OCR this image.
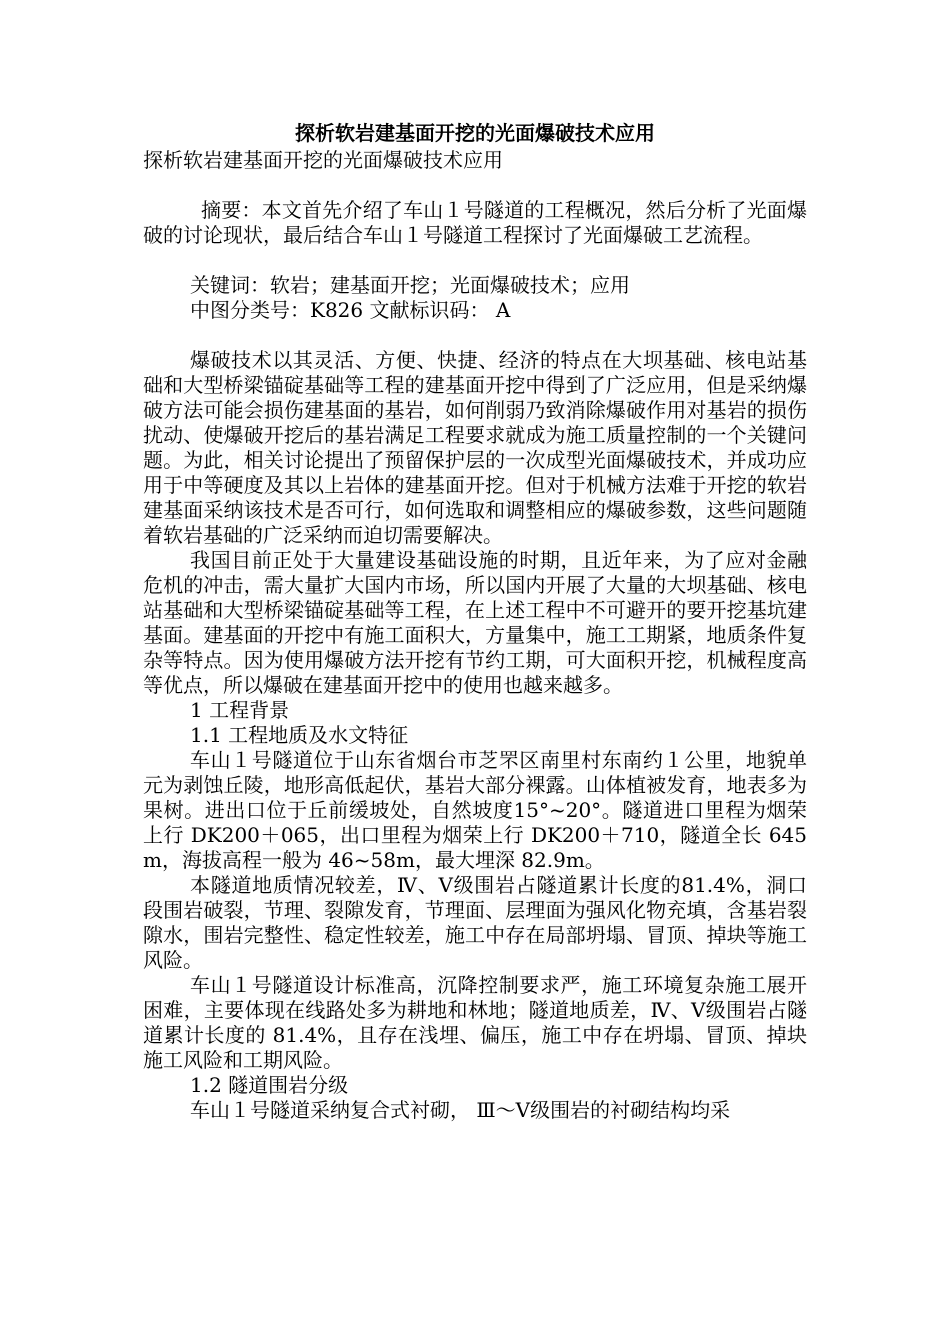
探析软岩建基面开挖的光面爆破技术应用

探析软岩建基面开挖的光面爆破技术应用

摘要：本文首先介绍了车山１号隧道的工程概况，然后分析了光面爆破的讨论现状，最后结合车山１号隧道工程探讨了光面爆破工艺流程。

关键词：软岩；建基面开挖；光面爆破技术；应用

中图分类号：K826 文献标识码： A

爆破技术以其灵活、方便、快捷、经济的特点在大坝基础、核电站基础和大型桥梁锚碇基础等工程的建基面开挖中得到了广泛应用，但是采纳爆破方法可能会损伤建基面的基岩，如何削弱乃致消除爆破作用对基岩的损伤扰动、使爆破开挖后的基岩满足工程要求就成为施工质量控制的一个关键问题。为此，相关讨论提出了预留保护层的一次成型光面爆破技术，并成功应用于中等硬度及其以上岩体的建基面开挖。但对于机械方法难于开挖的软岩建基面采纳该技术是否可行，如何选取和调整相应的爆破参数，这些问题随着软岩基础的广泛采纳而迫切需要解决。

我国目前正处于大量建设基础设施的时期，且近年来，为了应对金融危机的冲击，需大量扩大国内市场，所以国内开展了大量的大坝基础、核电站基础和大型桥梁锚碇基础等工程，在上述工程中不可避开的要开挖基坑建基面。建基面的开挖中有施工面积大，方量集中，施工工期紧，地质条件复杂等特点。因为使用爆破方法开挖有节约工期，可大面积开挖，机械程度高等优点，所以爆破在建基面开挖中的使用也越来越多。

1 工程背景

1.1 工程地质及水文特征

车山１号隧道位于山东省烟台市芝罘区南里村东南约１公里，地貌单元为剥蚀丘陵，地形高低起伏，基岩大部分裸露。山体植被发育，地表多为果树。进出口位于丘前缓坡处，自然坡度15°~20°。隧道进口里程为烟荣上行 DK200＋065，出口里程为烟荣上行 DK200＋710，隧道全长 645m，海拔高程一般为 46~58m，最大埋深 82.9m。

本隧道地质情况较差，Ⅳ、Ⅴ级围岩占隧道累计长度的81.4%，洞口段围岩破裂，节理、裂隙发育，节理面、层理面为强风化物充填，含基岩裂隙水，围岩完整性、稳定性较差，施工中存在局部坍塌、冒顶、掉块等施工风险。

车山１号隧道设计标准高，沉降控制要求严，施工环境复杂施工展开困难，主要体现在线路处多为耕地和林地；隧道地质差，Ⅳ、Ⅴ级围岩占隧道累计长度的 81.4%，且存在浅埋、偏压，施工中存在坍塌、冒顶、掉块施工风险和工期风险。

1.2 隧道围岩分级

车山１号隧道采纳复合式衬砌， Ⅲ～Ⅴ级围岩的衬砌结构均采
